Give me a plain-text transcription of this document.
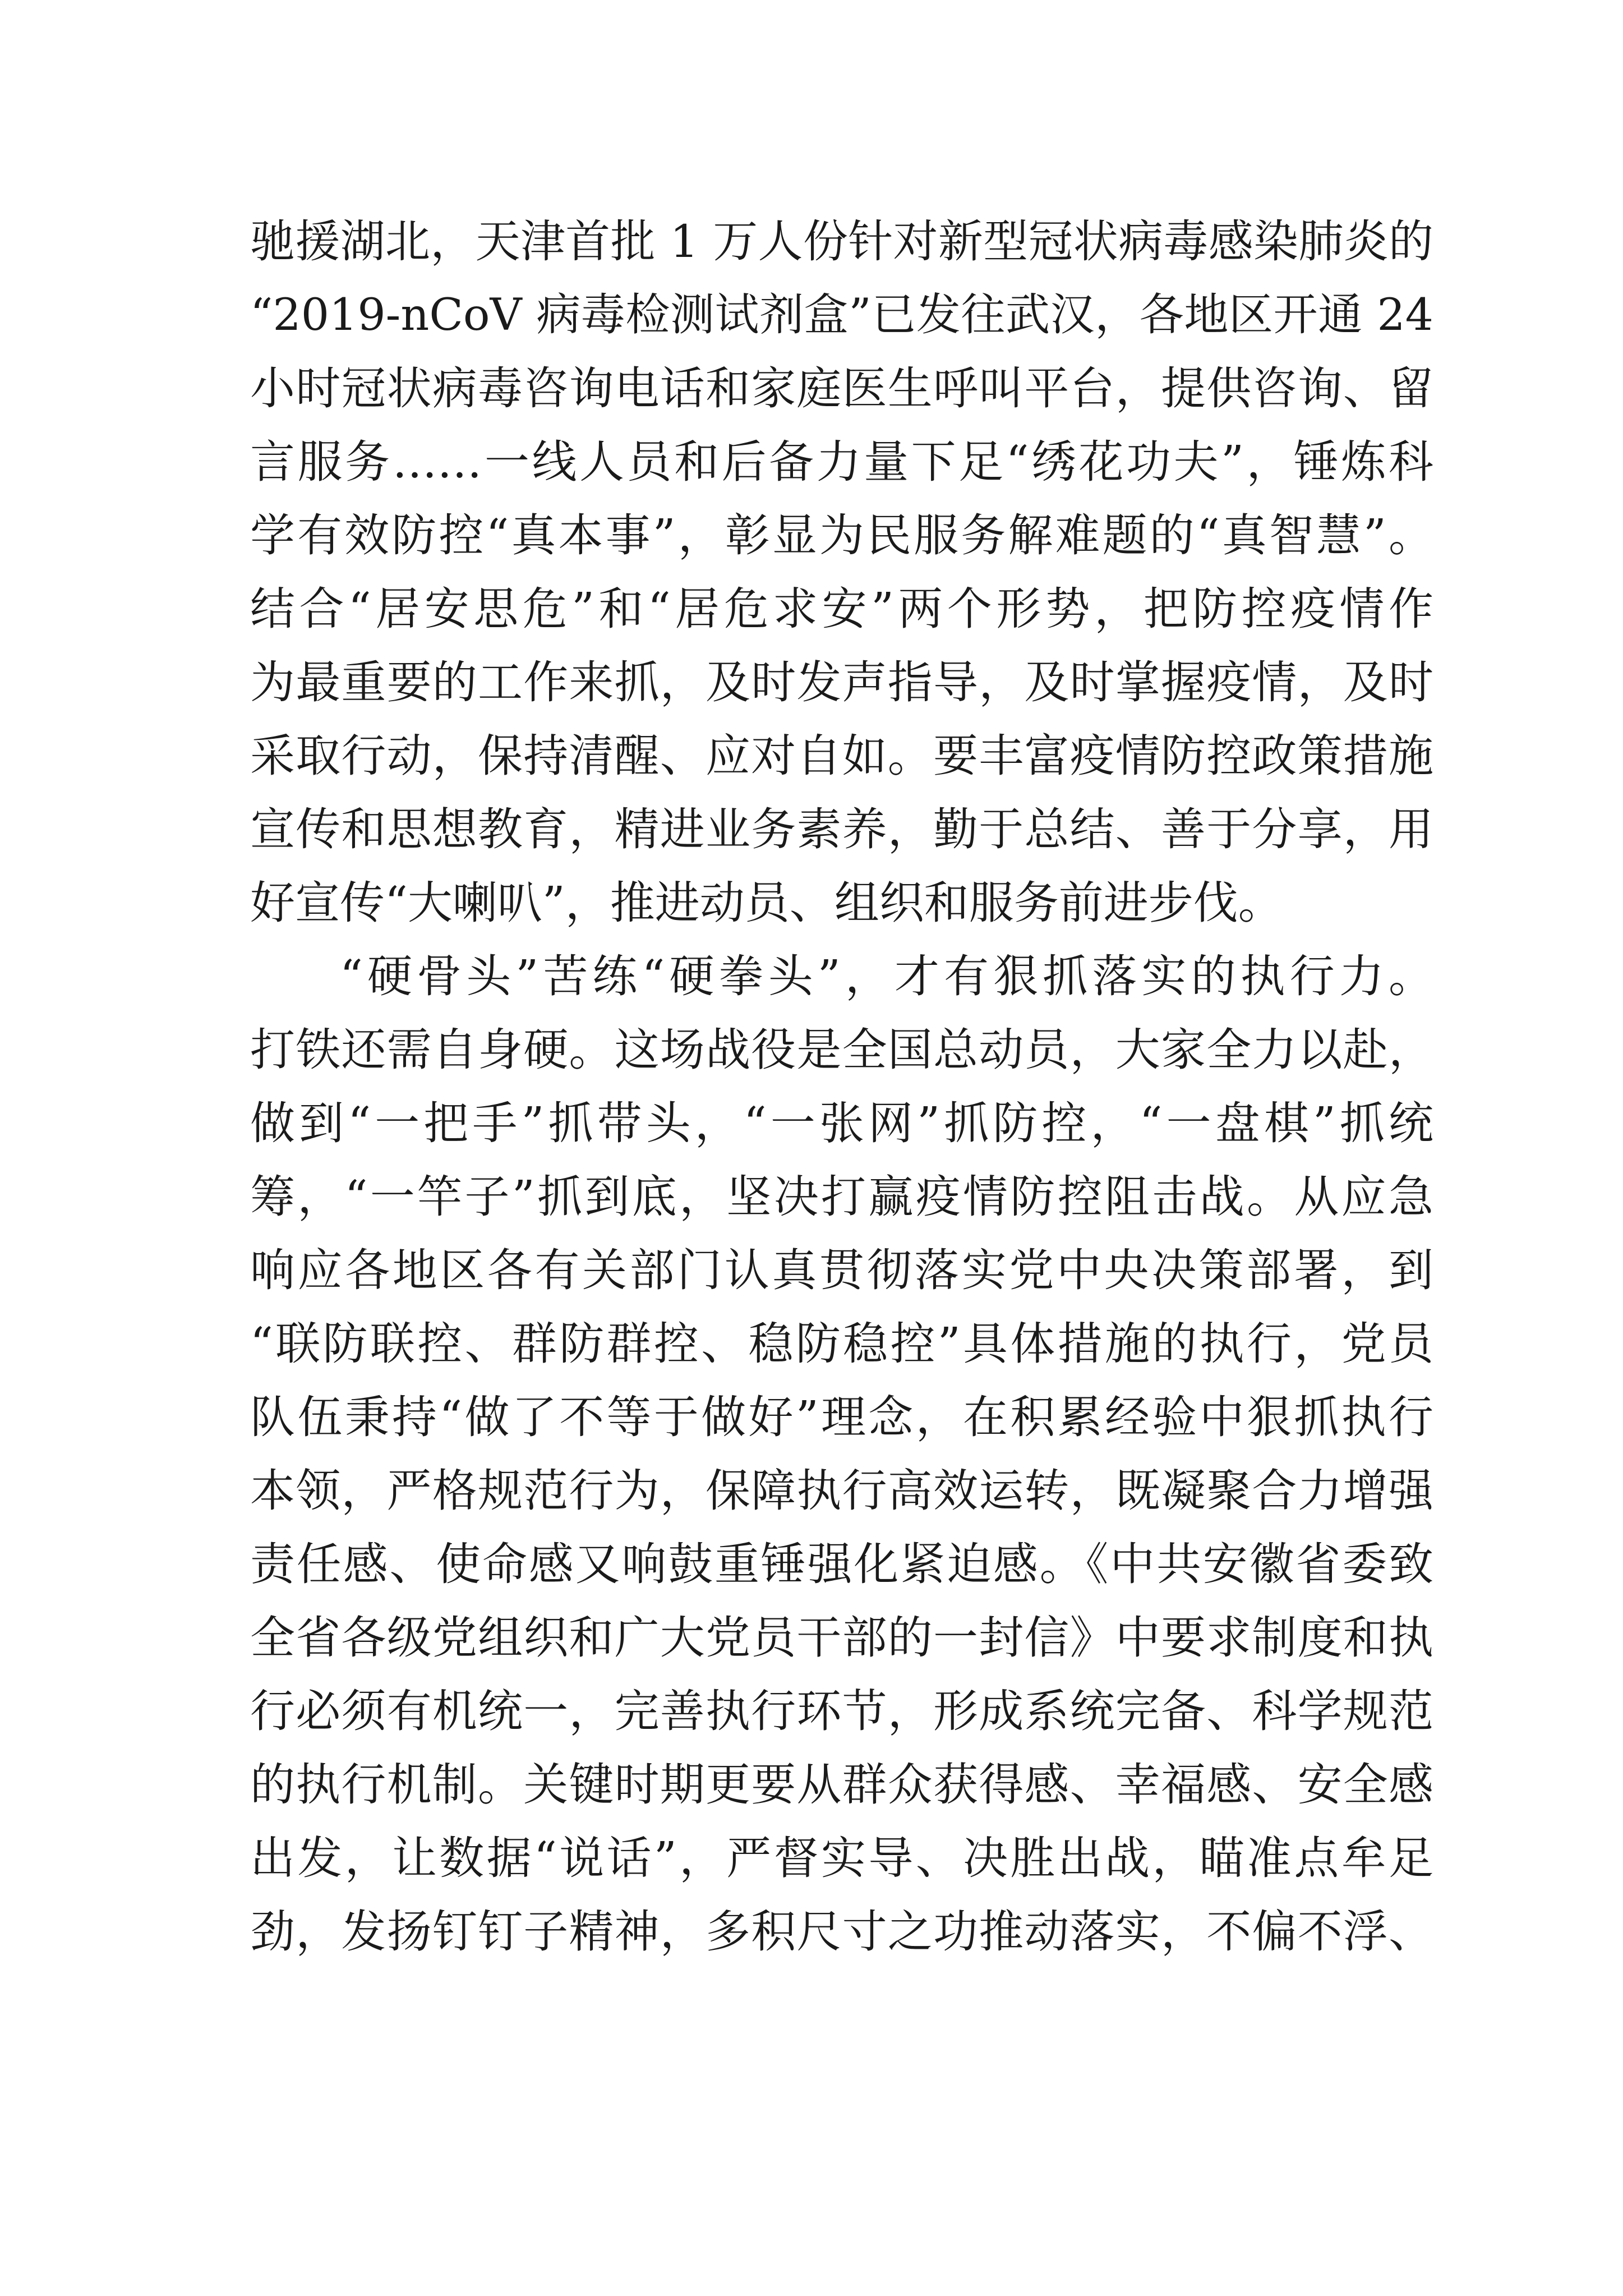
驰援湖北，天津首批 1 万人份针对新型冠状病毒感染肺炎的
“2019-nCoV 病毒检测试剂盒”已发往武汉，各地区开通 24
小时冠状病毒咨询电话和家庭医生呼叫平台，提供咨询、留
言服务……一线人员和后备力量下足“绣花功夫”，锤炼科
学有效防控“真本事”，彰显为民服务解难题的“真智慧”。
结合“居安思危”和“居危求安”两个形势，把防控疫情作
为最重要的工作来抓，及时发声指导，及时掌握疫情，及时
采取行动，保持清醒、应对自如。要丰富疫情防控政策措施
宣传和思想教育，精进业务素养，勤于总结、善于分享，用
好宣传“大喇叭”，推进动员、组织和服务前进步伐。
“硬骨头”苦练“硬拳头”，才有狠抓落实的执行力。
打铁还需自身硬。这场战役是全国总动员，大家全力以赴，
做到“一把手”抓带头，“一张网”抓防控，“一盘棋”抓统
筹，“一竿子”抓到底，坚决打赢疫情防控阻击战。从应急
响应各地区各有关部门认真贯彻落实党中央决策部署，到
“联防联控、群防群控、稳防稳控”具体措施的执行，党员
队伍秉持“做了不等于做好”理念，在积累经验中狠抓执行
本领，严格规范行为，保障执行高效运转，既凝聚合力增强
责任感、使命感又响鼓重锤强化紧迫感。《中共安徽省委致
全省各级党组织和广大党员干部的一封信》中要求制度和执
行必须有机统一，完善执行环节，形成系统完备、科学规范
的执行机制。关键时期更要从群众获得感、幸福感、安全感
出发，让数据“说话”，严督实导、决胜出战，瞄准点牟足
劲，发扬钉钉子精神，多积尺寸之功推动落实，不偏不浮、
